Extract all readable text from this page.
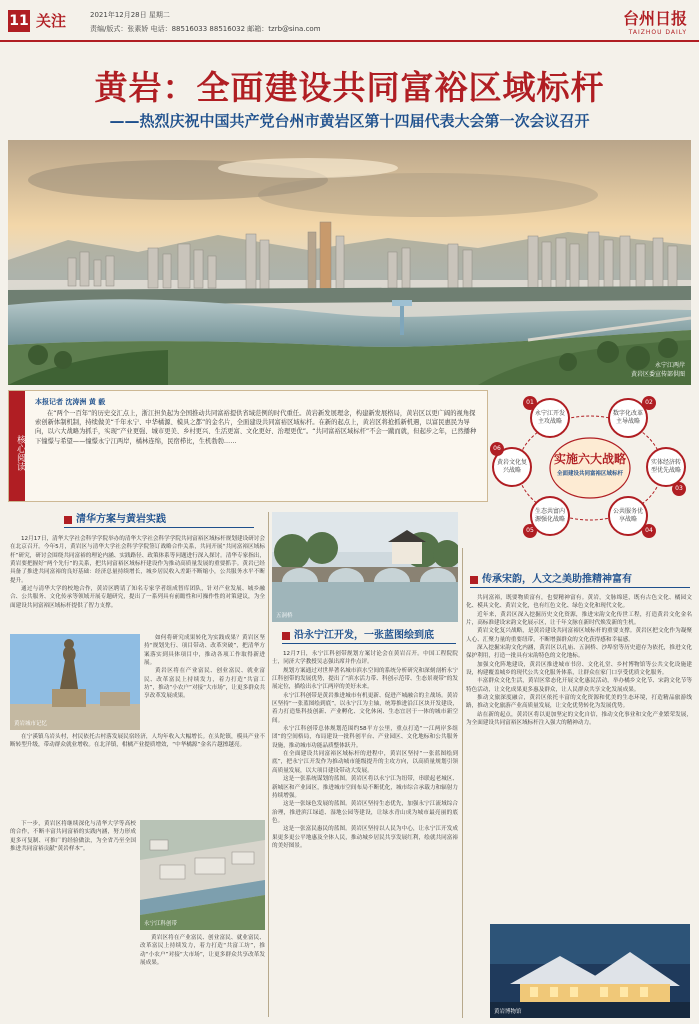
11 关注	2021年12月28日 星期二
责编/版式：张素娇 电话：88516033 88516032 邮箱：tzrb@sina.com
台州日报
TAIZHOU DAILY
黄岩：全面建设共同富裕区域标杆
——热烈庆祝中国共产党台州市黄岩区第十四届代表大会第一次会议召开
永宁江两岸
黄岩区委宣传部供图
核心阅读
本报记者 沈涛洲 黄 毅
在“两个一百年”的历史交汇点上，浙江担负起为全国推动共同富裕提供省域范例的时代重任。黄岩新发展理念，构建新发展格局，黄岩区以更广阔的视角探索创新体制机制，持续做美“千年永宁、中华橘源、模具之都”的金名片，全面建设共同富裕区域标杆。在新的起点上，黄岩区将抢抓新机遇，以富民惠民为导向，以六大战略为抓手，实现“产业更强、城市更美、乡村更兴、生活更富、文化更好、治理更优”。“共同富裕区域标杆”不会一蹴而就，但起步之年，已然播种下憧憬与希望——憧憬永宁江两岸，橘林连绵，民宿栉比，生机勃勃……
永宁江开发主攻战略
01
数字化改革主导战略
02
实体经济转型优先战略
03
公共服务优享战略
04
生态共富内源强化战略
05
黄岩文化复兴战略
06
实施六大战略
全面建设共同富裕区域标杆
清华方案与黄岩实践

12月17日，清华大学社会科学学院举办的清华大学社会科学学院共同富裕区域标杆规划建设研讨会在北京召开。今年5月，黄岩区与清华大学社会科学学院签订战略合作关系，共同开展“共同富裕区域标杆”研究，研讨会围绕共同富裕的理论内涵、实践路径、政策体系等问题进行深入探讨。清华专家指出，黄岩要把握好“两个先行”的关系，把共同富裕区域标杆建设作为推动高质量发展的重要抓手。黄岩已经具备了推进共同富裕的良好基础：经济总量持续增长，城乡居民收入差距不断缩小，公共服务水平不断提升。

通过与清华大学的校地合作，黄岩区聘请了知名专家学者组成智库团队，针对产业发展、城乡融合、公共服务、文化传承等领域开展专题研究，提出了一系列具有前瞻性和可操作性的对策建议，为全面建设共同富裕区域标杆提供了智力支撑。

黄岩城市记忆

如何将研究成果转化为实践成果？黄岩区坚持“规划先行、项目带动、改革突破”，把清华方案落实到具体项目中，推动各项工作取得新进展。

黄岩区将在产业富民、创业富民、就业富民、改革富民上持续发力，着力打造“共富工坊”，推动“小农户”对接“大市场”，让更多群众共享改革发展成果。

在宁溪镇乌岩头村，村民依托古村落发展民宿经济，人均年收入大幅增长。在头陀镇，模具产业不断转型升级，带动群众就业增收。在北洋镇，柑橘产业提质增效，“中华橘源”金名片越擦越亮。

永宁江科创带

下一步，黄岩区将继续深化与清华大学等高校的合作，不断丰富共同富裕的实践内涵，努力形成更多可复制、可推广的经验做法，为全省乃至全国推进共同富裕贡献“黄岩样本”。

黄岩区将在产业富民、创业富民、就业富民、改革富民上持续发力，着力打造“共富工坊”，推动“小农户”对接“大市场”，让更多群众共享改革发展成果。

五洞桥
沿永宁江开发，一张蓝图绘到底

12月7日，永宁江科创带规划方案讨论会在黄岩召开。中国工程院院士，同济大学教授吴志强出席并作点评。

规划方案通过对世界著名城市滨水空间的系统分析研究和深刻剖析永宁江科创带的发展优势，提出了“滨水活力带、科创示范带、生态景观带”的发展定位，描绘出永宁江两岸的美好未来。

永宁江科创带是黄岩推进城市有机更新、促进产城融合的主战场。黄岩区坚持“一张蓝图绘到底”，以永宁江为主轴，统筹推进沿江区块开发建设，着力打造集科技创新、产业孵化、文化休闲、生态宜居于一体的城市新空间。

永宁江科创带总体规划范围约58平方公里，重点打造“一江两岸多组团”的空间格局，布局建设一批科创平台、产业园区、文化地标和公共服务设施，推动城市功能品质整体跃升。

在全面建设共同富裕区域标杆的进程中，黄岩区坚持“一张蓝图绘到底”，把永宁江开发作为推动城市能级提升的主攻方向，以高质量规划引领高质量发展，以大项目建设带动大发展。

这是一张系统谋划的蓝图。黄岩区将以永宁江为纽带，串联起老城区、新城区和产业园区，推进城市空间布局不断优化，城市综合承载力和辐射力持续增强。

这是一张绿色发展的蓝图。黄岩区坚持生态优先，加强永宁江流域综合治理，推进滨江绿道、湿地公园等建设，让绿水青山成为城市最亮丽的底色。

这是一张富民惠民的蓝图。黄岩区坚持以人民为中心，让永宁江开发成果更多更公平地惠及全体人民，推动城乡居民共享发展红利，绘就共同富裕的美好图景。

传承宋韵，人文之美助推精神富有

共同富裕，既要物质富有，也要精神富有。黄岩，文脉绵延，既有古色文化、橘园文化、模具文化、黄岩文化，也有红色文化、绿色文化和现代文化。

近年来，黄岩区深入挖掘历史文化资源，推进宋韵文化传世工程，打造黄岩文化金名片，高标准建设宋韵文化展示区，让千年文脉在新时代焕发新的生机。

黄岩文化复兴战略，是黄岩建设共同富裕区域标杆的重要支撑。黄岩区把文化作为凝聚人心、汇聚力量的重要纽带，不断增强群众的文化获得感和幸福感。

深入挖掘宋韵文化内涵，黄岩区以孔庙、五洞桥、沙埠窑等历史遗存为依托，推进文化保护利用，打造一批具有宋韵特色的文化地标。

加强文化阵地建设，黄岩区推进城市书房、文化礼堂、乡村博物馆等公共文化设施建设，构建覆盖城乡的现代公共文化服务体系，让群众在家门口享受优质文化服务。

丰富群众文化生活，黄岩区常态化开展文化惠民活动，举办橘乡文化节、宋韵文化节等特色活动，让文化成果更多惠及群众，让人民群众共享文化发展成果。

推动文旅深度融合，黄岩区依托丰富的文化资源和优美的生态环境，打造精品旅游线路，推动文化旅游产业高质量发展，让文化优势转化为发展优势。

站在新的起点，黄岩区将以更加坚定的文化自信，推动文化事业和文化产业繁荣发展，为全面建设共同富裕区域标杆注入强大的精神动力。

黄岩博物馆
